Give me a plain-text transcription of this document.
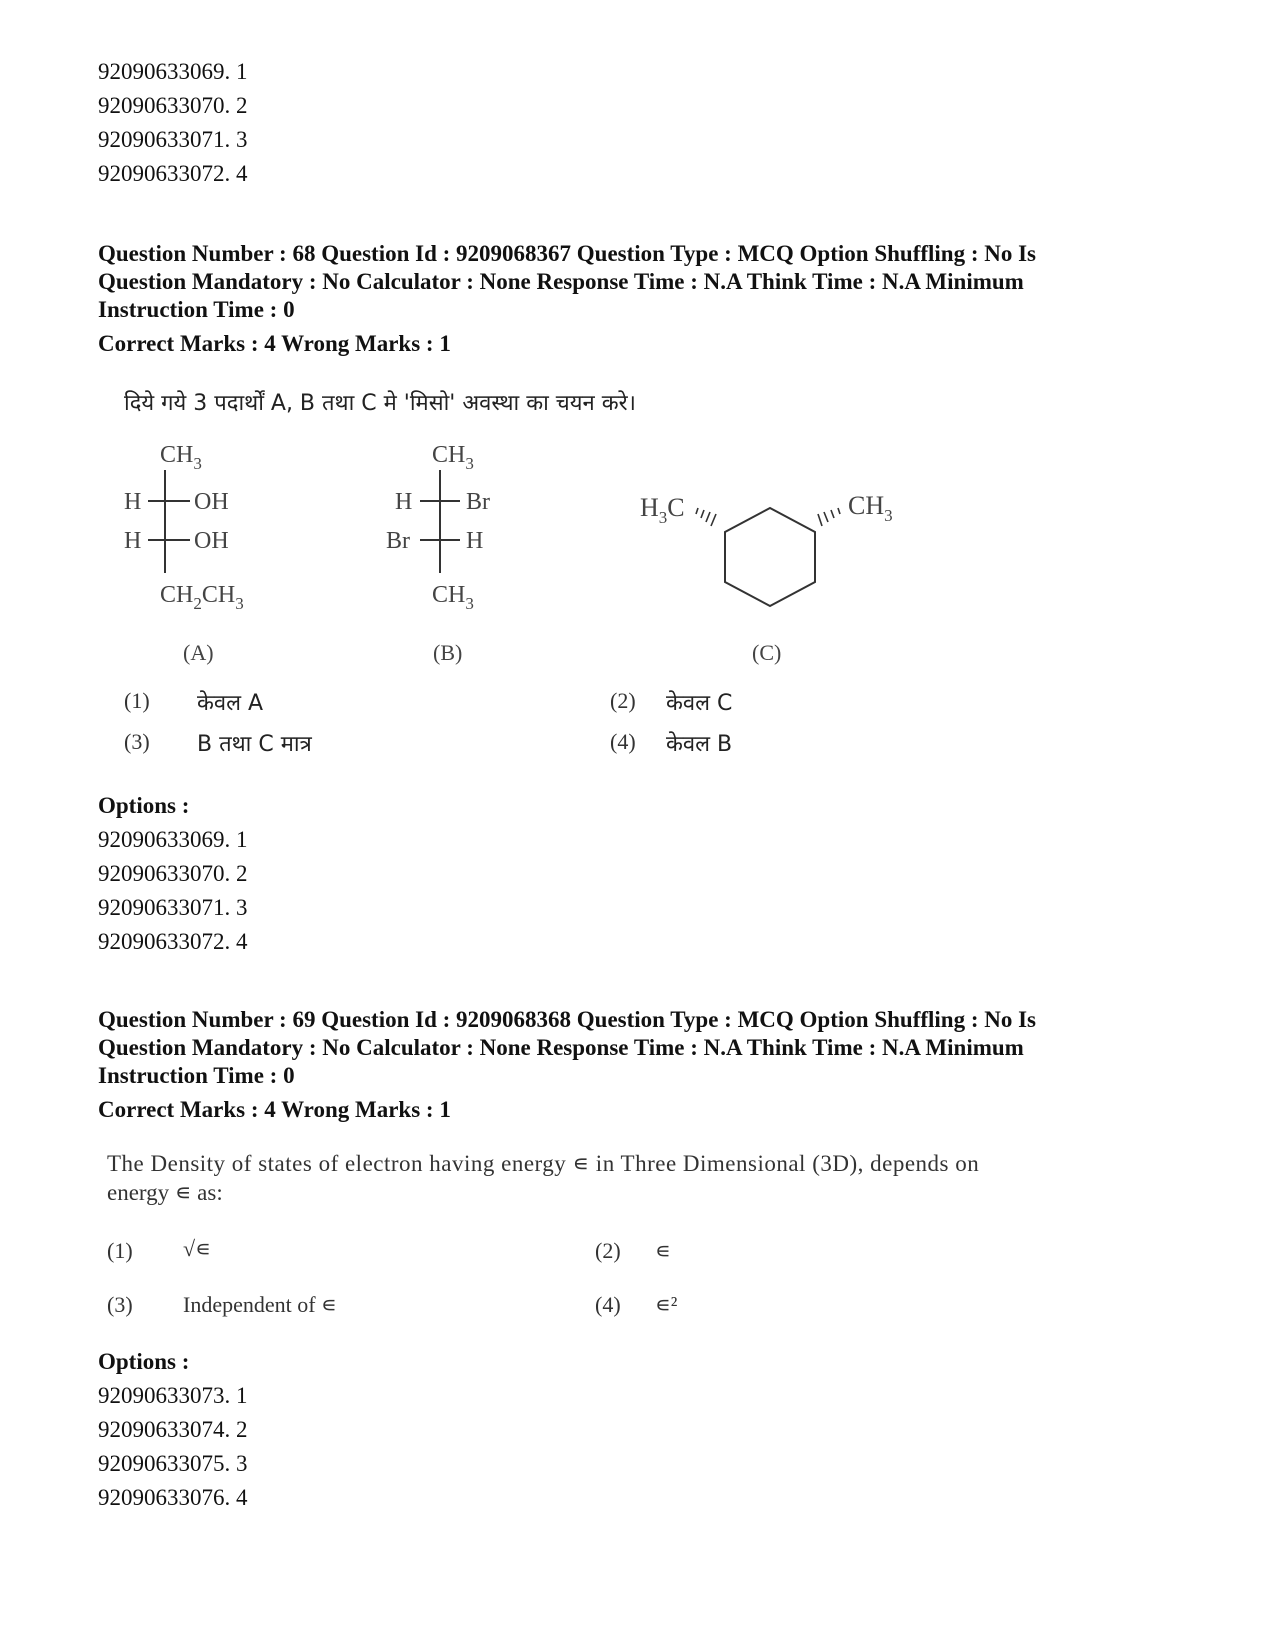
92090633069. 1
92090633070. 2
92090633071. 3
92090633072. 4
Question Number : 68 Question Id : 9209068367 Question Type : MCQ Option Shuffling : No Is
Question Mandatory : No Calculator : None Response Time : N.A Think Time : N.A Minimum
Instruction Time : 0
Correct Marks : 4 Wrong Marks : 1
दिये गये 3 पदार्थों A, B तथा C मे 'मिसो' अवस्था का चयन करे।
$CH_3$
H OH
H OH
$CH_2CH_3$
(A)
$CH_3$
H Br
Br H
$CH_3$
(B)
$H_3C$	$CH_3$
(C)
(1) केवल A	(2) केवल C
(3) B तथा C मात्र	(4) केवल B
Options :
92090633069. 1
92090633070. 2
92090633071. 3
92090633072. 4
Question Number : 69 Question Id : 9209068368 Question Type : MCQ Option Shuffling : No Is
Question Mandatory : No Calculator : None Response Time : N.A Think Time : N.A Minimum
Instruction Time : 0
Correct Marks : 4 Wrong Marks : 1
The Density of states of electron having energy ∊ in Three Dimensional (3D), depends on
energy ∊ as:
(1) √∊	(2) ∊
(3) Independent of ∊	(4) ∊²
Options :
92090633073. 1
92090633074. 2
92090633075. 3
92090633076. 4
